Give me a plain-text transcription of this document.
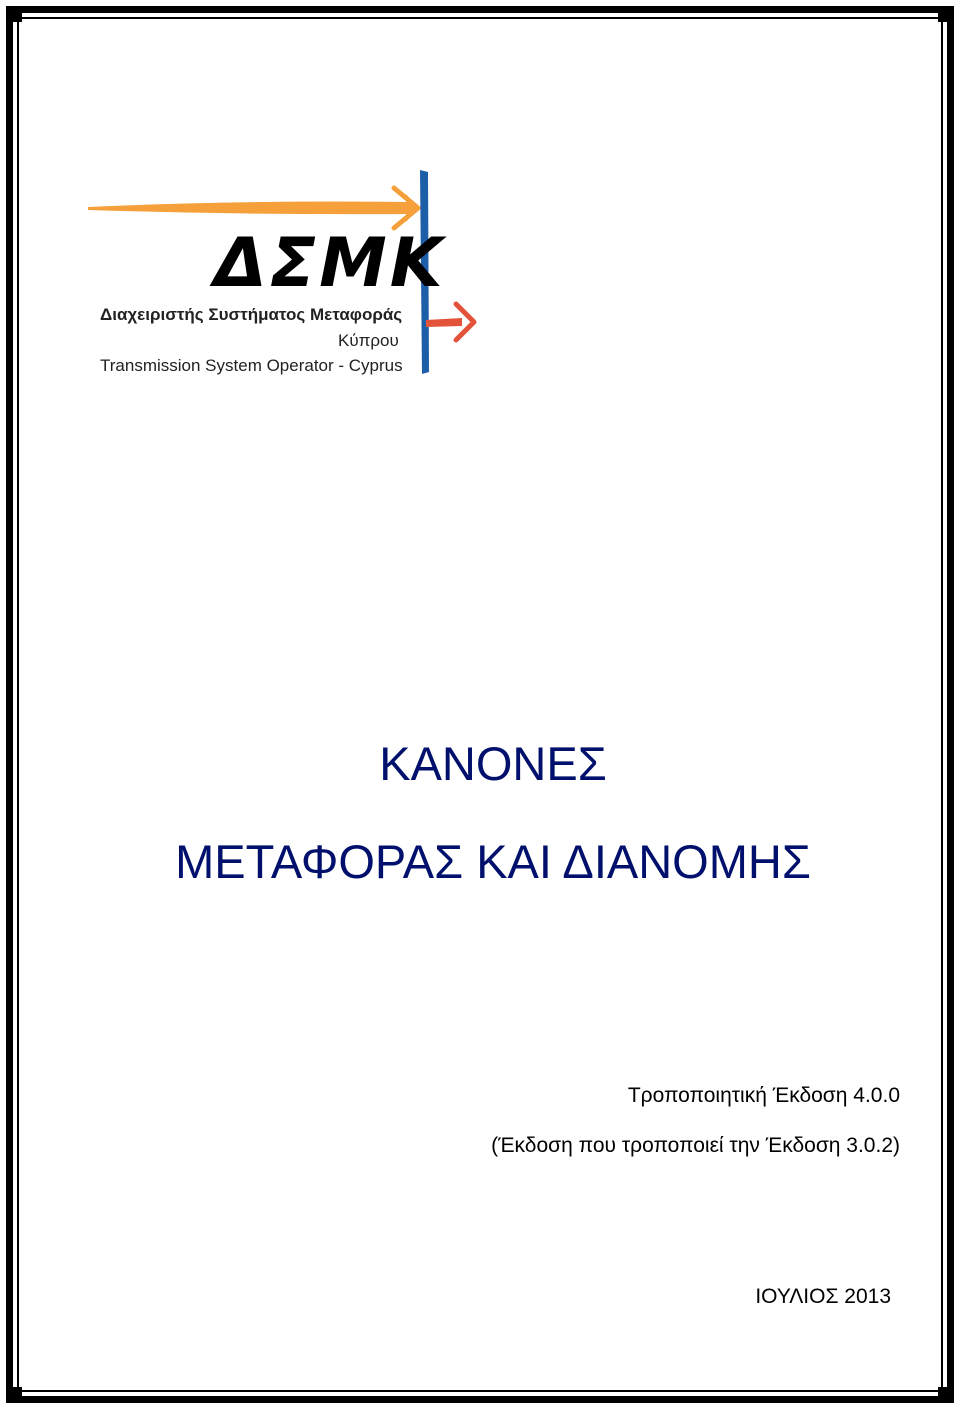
ΔΣΜΚ
Διαχειριστής Συστήματος Μεταφοράς
Κύπρου
Transmission System Operator - Cyprus
ΚΑΝΟΝΕΣ
ΜΕΤΑΦΟΡΑΣ ΚΑΙ ΔΙΑΝΟΜΗΣ
Τροποποιητική Έκδοση 4.0.0
(Έκδοση που τροποποιεί την Έκδοση 3.0.2)
ΙΟΥΛΙΟΣ 2013
